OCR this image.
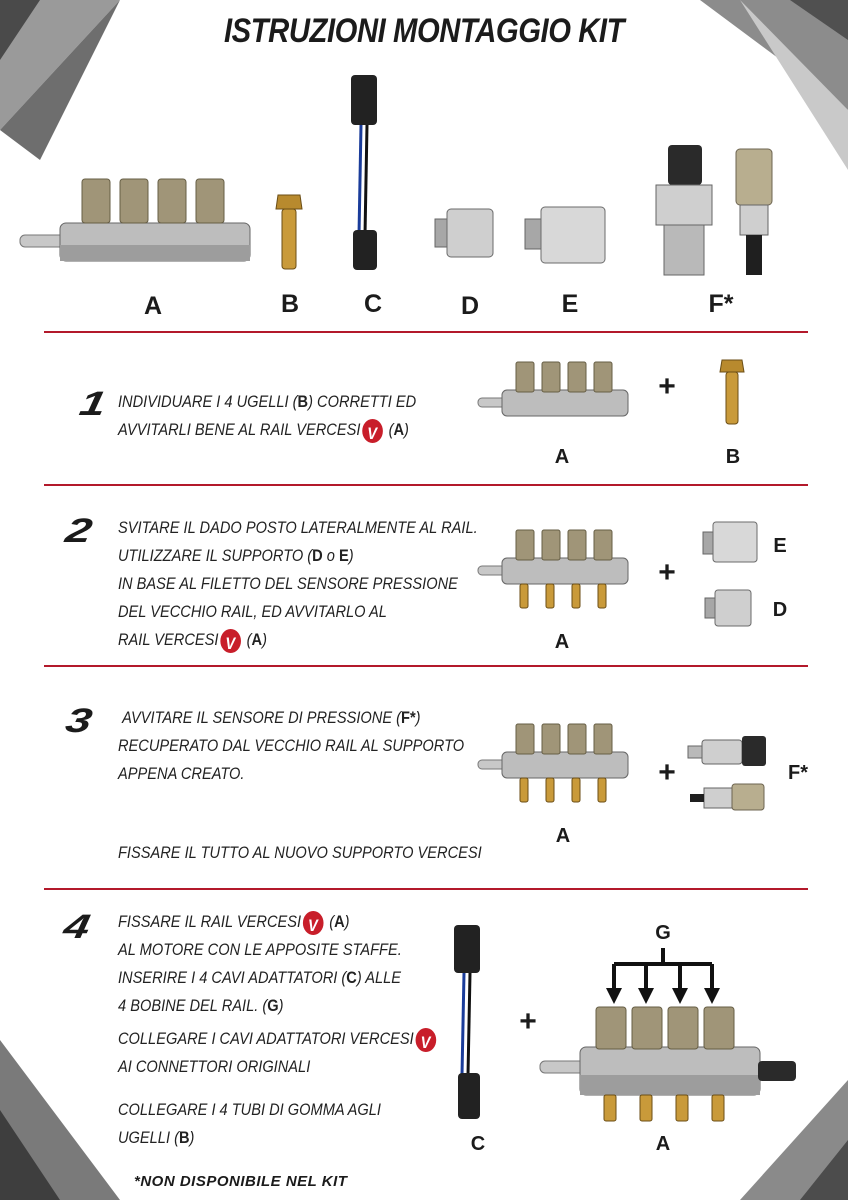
ISTRUZIONI MONTAGGIO KIT
A	B	C	D	E	F*
1 INDIVIDUARE I 4 UGELLI (B) CORRETTI ED
AVVITARLI BENE AL RAIL VERCESIV (A)
+
A	B
2 SVITARE IL DADO POSTO LATERALMENTE AL RAIL.
UTILIZZARE IL SUPPORTO (D o E)
IN BASE AL FILETTO DEL SENSORE PRESSIONE
DEL VECCHIO RAIL, ED AVVITARLO AL
RAIL VERCESIV (A)
+
E
D
A
3 AVVITARE IL SENSORE DI PRESSIONE (F*)
RECUPERATO DAL VECCHIO RAIL AL SUPPORTO
APPENA CREATO.
FISSARE IL TUTTO AL NUOVO SUPPORTO VERCESI
+	F*
A
4 FISSARE IL RAIL VERCESIV (A)
AL MOTORE CON LE APPOSITE STAFFE.
INSERIRE I 4 CAVI ADATTATORI (C) ALLE
4 BOBINE DEL RAIL. (G)
COLLEGARE I CAVI ADATTATORI VERCESIV
AI CONNETTORI ORIGINALI
COLLEGARE I 4 TUBI DI GOMMA AGLI
UGELLI (B)
+
C
G
A
*NON DISPONIBILE NEL KIT
